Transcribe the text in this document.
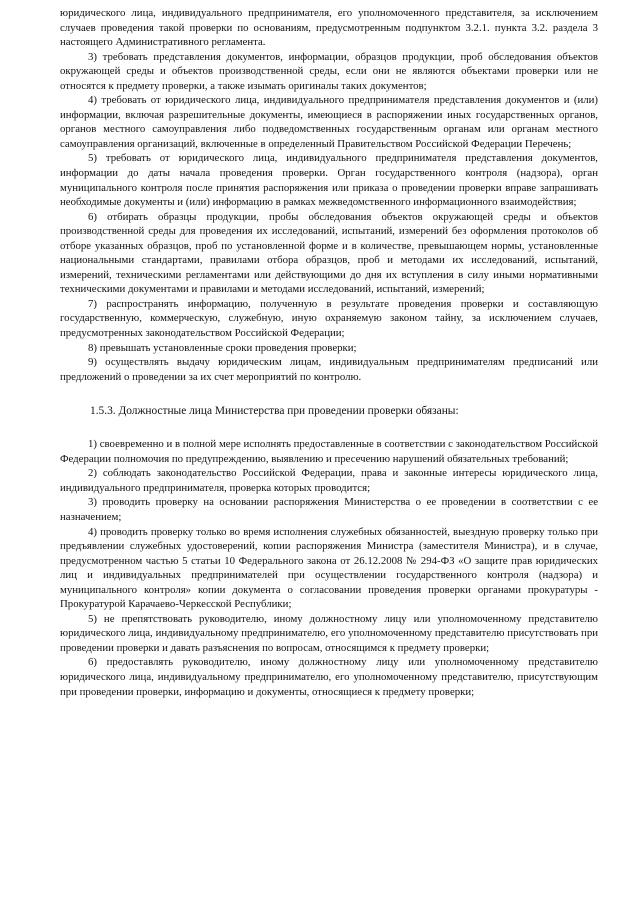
юридического лица, индивидуального предпринимателя, его уполномоченного представителя, за исключением случаев проведения такой проверки по основаниям, предусмотренным подпунктом 3.2.1. пункта 3.2. раздела 3 настоящего Административного регламента.

3) требовать представления документов, информации, образцов продукции, проб обследования объектов окружающей среды и объектов производственной среды, если они не являются объектами проверки или не относятся к предмету проверки, а также изымать оригиналы таких документов;

4) требовать от юридического лица, индивидуального предпринимателя представления документов и (или) информации, включая разрешительные документы, имеющиеся в распоряжении иных государственных органов, органов местного самоуправления либо подведомственных государственным органам или органам местного самоуправления организаций, включенные в определенный Правительством Российской Федерации Перечень;

5) требовать от юридического лица, индивидуального предпринимателя представления документов, информации до даты начала проведения проверки. Орган государственного контроля (надзора), орган муниципального контроля после принятия распоряжения или приказа о проведении проверки вправе запрашивать необходимые документы и (или) информацию в рамках межведомственного информационного взаимодействия;

6) отбирать образцы продукции, пробы обследования объектов окружающей среды и объектов производственной среды для проведения их исследований, испытаний, измерений без оформления протоколов об отборе указанных образцов, проб по установленной форме и в количестве, превышающем нормы, установленные национальными стандартами, правилами отбора образцов, проб и методами их исследований, испытаний, измерений, техническими регламентами или действующими до дня их вступления в силу иными нормативными техническими документами и правилами и методами исследований, испытаний, измерений;

7) распространять информацию, полученную в результате проведения проверки и составляющую государственную, коммерческую, служебную, иную охраняемую законом тайну, за исключением случаев, предусмотренных законодательством Российской Федерации;

8) превышать установленные сроки проведения проверки;

9) осуществлять выдачу юридическим лицам, индивидуальным предпринимателям предписаний или предложений о проведении за их счет мероприятий по контролю.

1.5.3. Должностные лица Министерства при проведении проверки обязаны:

1) своевременно и в полной мере исполнять предоставленные в соответствии с законодательством Российской Федерации полномочия по предупреждению, выявлению и пресечению нарушений обязательных требований;

2) соблюдать законодательство Российской Федерации, права и законные интересы юридического лица, индивидуального предпринимателя, проверка которых проводится;

3) проводить проверку на основании распоряжения Министерства о ее проведении в соответствии с ее назначением;

4) проводить проверку только во время исполнения служебных обязанностей, выездную проверку только при предъявлении служебных удостоверений, копии распоряжения Министра (заместителя Министра), и в случае, предусмотренном частью 5 статьи 10 Федерального закона от 26.12.2008 № 294-ФЗ «О защите прав юридических лиц и индивидуальных предпринимателей при осуществлении государственного контроля (надзора) и муниципального контроля» копии документа о согласовании проведения проверки органами прокуратуры - Прокуратурой Карачаево-Черкесской Республики;

5) не препятствовать руководителю, иному должностному лицу или уполномоченному представителю юридического лица, индивидуальному предпринимателю, его уполномоченному представителю присутствовать при проведении проверки и давать разъяснения по вопросам, относящимся к предмету проверки;

6) предоставлять руководителю, иному должностному лицу или уполномоченному представителю юридического лица, индивидуальному предпринимателю, его уполномоченному представителю, присутствующим при проведении проверки, информацию и документы, относящиеся к предмету проверки;
